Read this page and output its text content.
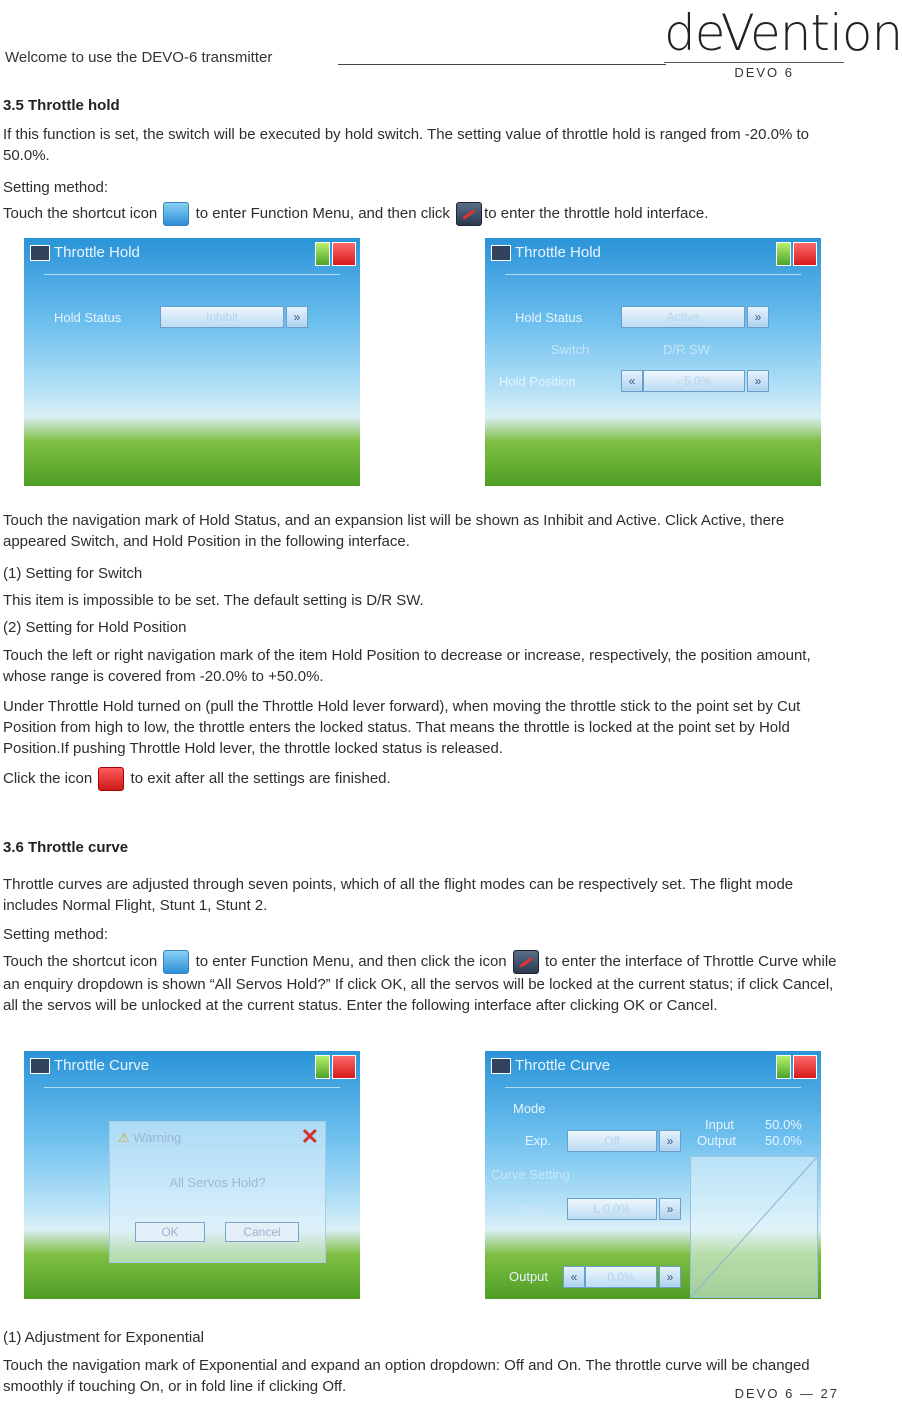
Welcome to use the DEVO-6 transmitter	deVention
DEVO 6
3.5 Throttle hold
If this function is set, the switch will be executed by hold switch. The setting value of throttle hold is ranged from -20.0% to 50.0%.
Setting method:
Touch the shortcut icon	to enter Function Menu, and then click to enter the throttle hold interface.
Throttle Hold
Hold Status	Inhibit	»
Throttle Hold
Hold Status	Active	»
Switch	D/R SW
Hold Position	«	- 5.0%	»
Touch the navigation mark of Hold Status, and an expansion list will be shown as Inhibit and Active. Click Active, there appeared Switch, and Hold Position in the following interface.
(1) Setting for Switch
This item is impossible to be set. The default setting is D/R SW.
(2) Setting for Hold Position
Touch the left or right navigation mark of the item Hold Position to decrease or increase, respectively, the position amount, whose range is covered from -20.0% to +50.0%.
Under Throttle Hold turned on (pull the Throttle Hold lever forward), when moving the throttle stick to the point set by Cut Position from high to low, the throttle enters the locked status. That means the throttle is locked at the point set by Hold Position.If pushing Throttle Hold lever, the throttle locked status is released.
Click the icon	to exit after all the settings are finished.
3.6 Throttle curve
Throttle curves are adjusted through seven points, which of all the flight modes can be respectively set. The flight mode includes Normal Flight, Stunt 1, Stunt 2.
Setting method:
Touch the shortcut icon	to enter Function Menu, and then click the icon	to enter the interface of Throttle Curve while an enquiry dropdown is shown “All Servos Hold?” If click OK, all the servos will be locked at the current status; if click Cancel, all the servos will be unlocked at the current status. Enter the following interface after clicking OK or Cancel.
Throttle Curve
⚠ Warning	✕
All Servos Hold?
OK	Cancel
Throttle Curve
Mode
Exp.	Off	»
Input 50.0%
Output 50.0%
Curve Setting
Point	L 0.0%	»
Output	«	0.0%	»
(1) Adjustment for Exponential
Touch the navigation mark of Exponential and expand an option dropdown: Off and On. The throttle curve will be changed smoothly if touching On, or in fold line if clicking Off.	DEVO 6 — 27
